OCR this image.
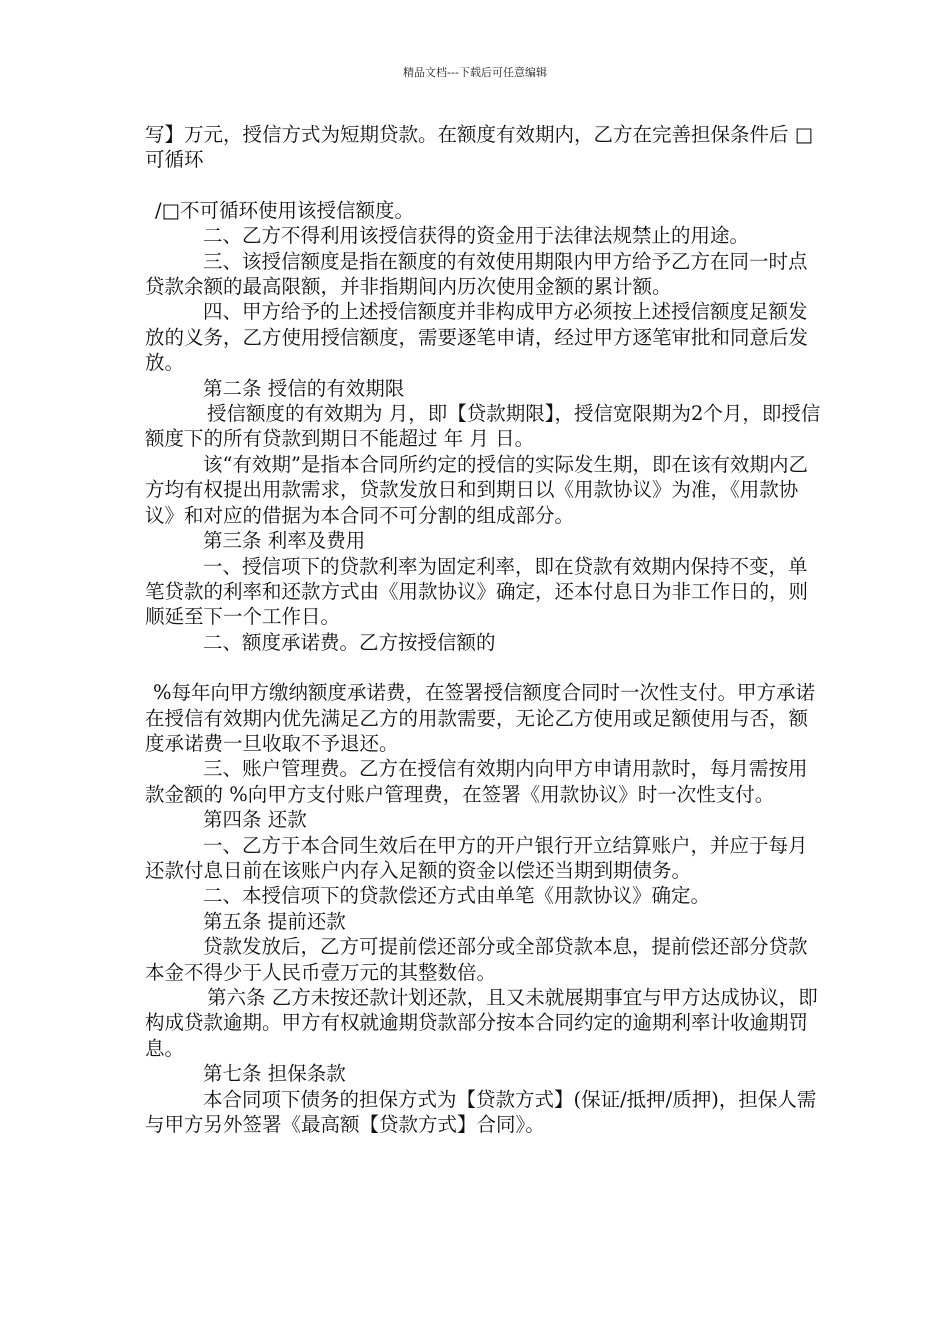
精品文档---下载后可任意编辑

写】万元，授信方式为短期贷款。在额度有效期内，乙方在完善担保条件后 □可循环

/□不可循环使用该授信额度。

二、乙方不得利用该授信获得的资金用于法律法规禁止的用途。

三、该授信额度是指在额度的有效使用期限内甲方给予乙方在同一时点贷款余额的最高限额，并非指期间内历次使用金额的累计额。

四、甲方给予的上述授信额度并非构成甲方必须按上述授信额度足额发放的义务，乙方使用授信额度，需要逐笔申请，经过甲方逐笔审批和同意后发放。

第二条 授信的有效期限

授信额度的有效期为 月，即【贷款期限】，授信宽限期为2个月，即授信额度下的所有贷款到期日不能超过 年 月 日。

该“有效期”是指本合同所约定的授信的实际发生期，即在该有效期内乙方均有权提出用款需求，贷款发放日和到期日以《用款协议》为准，《用款协议》和对应的借据为本合同不可分割的组成部分。

第三条 利率及费用

一、授信项下的贷款利率为固定利率，即在贷款有效期内保持不变，单笔贷款的利率和还款方式由《用款协议》确定，还本付息日为非工作日的，则顺延至下一个工作日。

二、额度承诺费。乙方按授信额的

%每年向甲方缴纳额度承诺费，在签署授信额度合同时一次性支付。甲方承诺在授信有效期内优先满足乙方的用款需要，无论乙方使用或足额使用与否，额度承诺费一旦收取不予退还。

三、账户管理费。乙方在授信有效期内向甲方申请用款时，每月需按用款金额的 %向甲方支付账户管理费，在签署《用款协议》时一次性支付。

第四条 还款

一、乙方于本合同生效后在甲方的开户银行开立结算账户，并应于每月还款付息日前在该账户内存入足额的资金以偿还当期到期债务。

二、本授信项下的贷款偿还方式由单笔《用款协议》确定。

第五条 提前还款

贷款发放后，乙方可提前偿还部分或全部贷款本息，提前偿还部分贷款本金不得少于人民币壹万元的其整数倍。

第六条 乙方未按还款计划还款，且又未就展期事宜与甲方达成协议，即构成贷款逾期。甲方有权就逾期贷款部分按本合同约定的逾期利率计收逾期罚息。

第七条 担保条款

本合同项下债务的担保方式为【贷款方式】(保证/抵押/质押)，担保人需与甲方另外签署《最高额【贷款方式】合同》。
